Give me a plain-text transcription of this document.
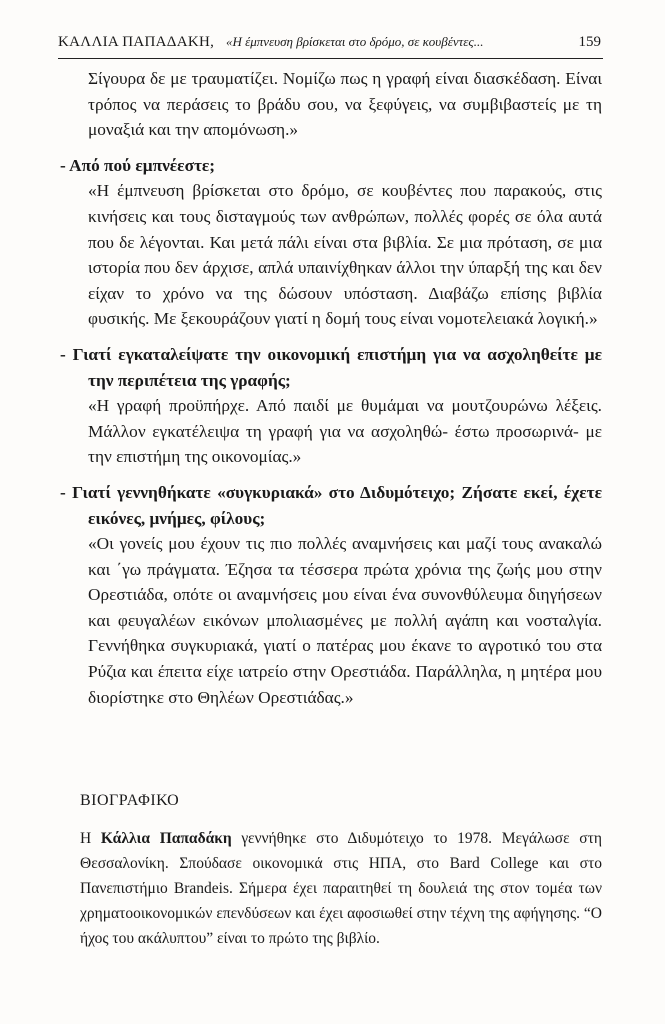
ΚΑΛΛΙΑ ΠΑΠΑΔΑΚΗ, «Η έμπνευση βρίσκεται στο δρόμο, σε κουβέντες...	159

Σίγουρα δε με τραυματίζει. Νομίζω πως η γραφή είναι διασκέδαση. Είναι τρόπος να περάσεις το βράδυ σου, να ξεφύγεις, να συμβιβαστείς με τη μοναξιά και την απομόνωση.»

- Από πού εμπνέεστε;

«Η έμπνευση βρίσκεται στο δρόμο, σε κουβέντες που παρακούς, στις κινήσεις και τους δισταγμούς των ανθρώπων, πολλές φορές σε όλα αυτά που δε λέγονται. Και μετά πάλι είναι στα βιβλία. Σε μια πρόταση, σε μια ιστορία που δεν άρχισε, απλά υπαινίχθηκαν άλλοι την ύπαρξή της και δεν είχαν το χρόνο να της δώσουν υπόσταση. Διαβάζω επίσης βιβλία φυσικής. Με ξεκουράζουν γιατί η δομή τους είναι νομοτελειακά λογική.»

- Γιατί εγκαταλείψατε την οικονομική επιστήμη για να ασχοληθείτε με την περιπέτεια της γραφής;

«Η γραφή προϋπήρχε. Από παιδί με θυμάμαι να μουτζουρώνω λέξεις. Μάλλον εγκατέλειψα τη γραφή για να ασχοληθώ- έστω προσωρινά- με την επιστήμη της οικονομίας.»

- Γιατί γεννηθήκατε «συγκυριακά» στο Διδυμότειχο; Ζήσατε εκεί, έχετε εικόνες, μνήμες, φίλους;

«Οι γονείς μου έχουν τις πιο πολλές αναμνήσεις και μαζί τους ανακαλώ και ΄γω πράγματα. Έζησα τα τέσσερα πρώτα χρόνια της ζωής μου στην Ορεστιάδα, οπότε οι αναμνήσεις μου είναι ένα συνονθύλευμα διηγήσεων και φευγαλέων εικόνων μπολιασμένες με πολλή αγάπη και νοσταλγία. Γεννήθηκα συγκυριακά, γιατί ο πατέρας μου έκανε το αγροτικό του στα Ρύζια και έπειτα είχε ιατρείο στην Ορεστιάδα. Παράλληλα, η μητέρα μου διορίστηκε στο Θηλέων Ορεστιάδας.»

ΒΙΟΓΡΑΦΙΚΟ

Η Κάλλια Παπαδάκη γεννήθηκε στο Διδυμότειχο το 1978. Μεγάλωσε στη Θεσσαλονίκη. Σπούδασε οικονομικά στις ΗΠΑ, στο Bard College και στο Πανεπιστήμιο Brandeis. Σήμερα έχει παραιτηθεί τη δουλειά της στον τομέα των χρηματοοικονομικών επενδύσεων και έχει αφοσιωθεί στην τέχνη της αφήγησης. “Ο ήχος του ακάλυπτου” είναι το πρώτο της βιβλίο.
